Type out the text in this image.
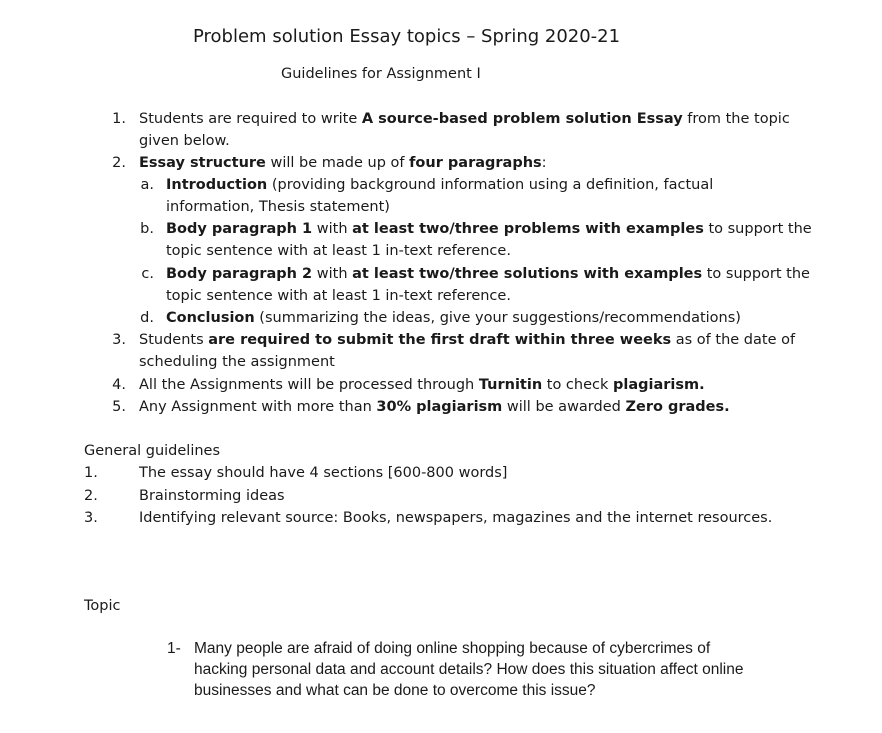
Problem solution Essay topics – Spring 2020-21
Guidelines for Assignment I
1. Students are required to write A source-based problem solution Essay from the topic
given below.
2. Essay structure will be made up of four paragraphs:
a. Introduction (providing background information using a definition, factual
information, Thesis statement)
b. Body paragraph 1 with at least two/three problems with examples to support the
topic sentence with at least 1 in-text reference.
c. Body paragraph 2 with at least two/three solutions with examples to support the
topic sentence with at least 1 in-text reference.
d. Conclusion (summarizing the ideas, give your suggestions/recommendations)
3. Students are required to submit the first draft within three weeks as of the date of
scheduling the assignment
4. All the Assignments will be processed through Turnitin to check plagiarism.
5. Any Assignment with more than 30% plagiarism will be awarded Zero grades.
General guidelines
1.	The essay should have 4 sections [600-800 words]
2.	Brainstorming ideas
3.	Identifying relevant source: Books, newspapers, magazines and the internet resources.
Topic
1- Many people are afraid of doing online shopping because of cybercrimes of
hacking personal data and account details? How does this situation affect online
businesses and what can be done to overcome this issue?
